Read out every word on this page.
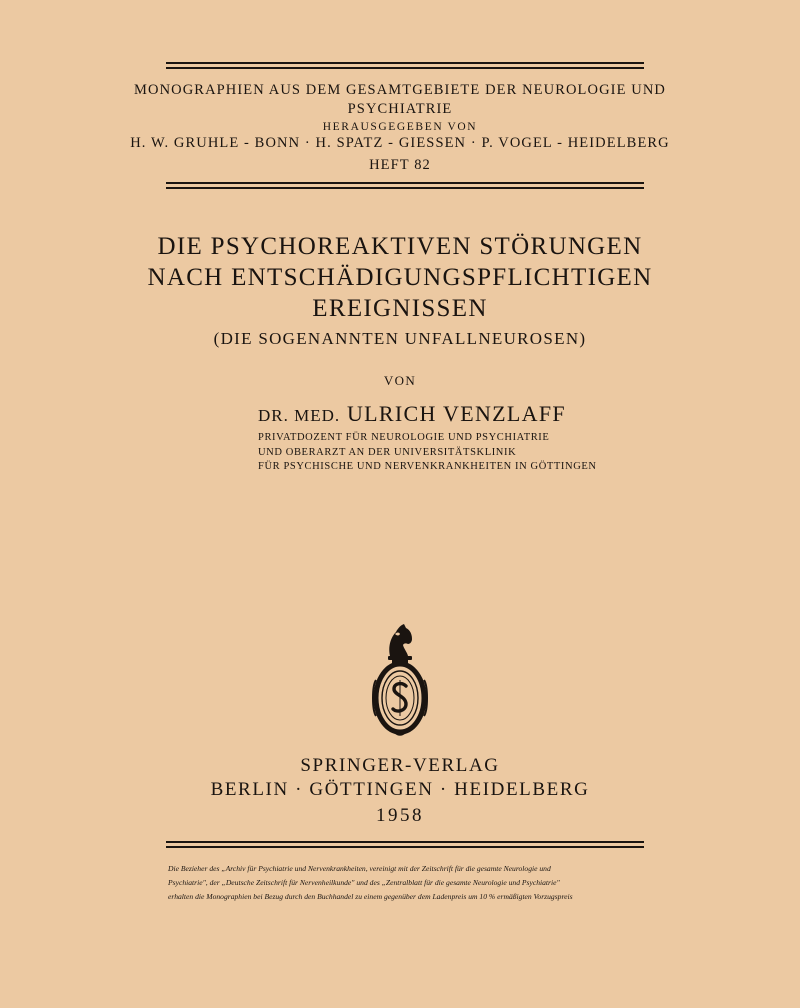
MONOGRAPHIEN AUS DEM GESAMTGEBIETE DER NEUROLOGIE UND
PSYCHIATRIE
HERAUSGEGEBEN VON
H. W. GRUHLE - BONN · H. SPATZ - GIESSEN · P. VOGEL - HEIDELBERG
HEFT 82
DIE PSYCHOREAKTIVEN STÖRUNGEN
NACH ENTSCHÄDIGUNGSPFLICHTIGEN
EREIGNISSEN
(DIE SOGENANNTEN UNFALLNEUROSEN)
VON
DR. MED. ULRICH VENZLAFF
PRIVATDOZENT FÜR NEUROLOGIE UND PSYCHIATRIE
UND OBERARZT AN DER UNIVERSITÄTSKLINIK
FÜR PSYCHISCHE UND NERVENKRANKHEITEN IN GÖTTINGEN
SPRINGER-VERLAG
BERLIN · GÖTTINGEN · HEIDELBERG
1958
Die Bezieher des „Archiv für Psychiatrie und Nervenkrankheiten, vereinigt mit der Zeitschrift für die gesamte Neurologie und
Psychiatrie", der „Deutsche Zeitschrift für Nervenheilkunde" und des „Zentralblatt für die gesamte Neurologie und Psychiatrie"
erhalten die Monographien bei Bezug durch den Buchhandel zu einem gegenüber dem Ladenpreis um 10 % ermäßigten Vorzugspreis
